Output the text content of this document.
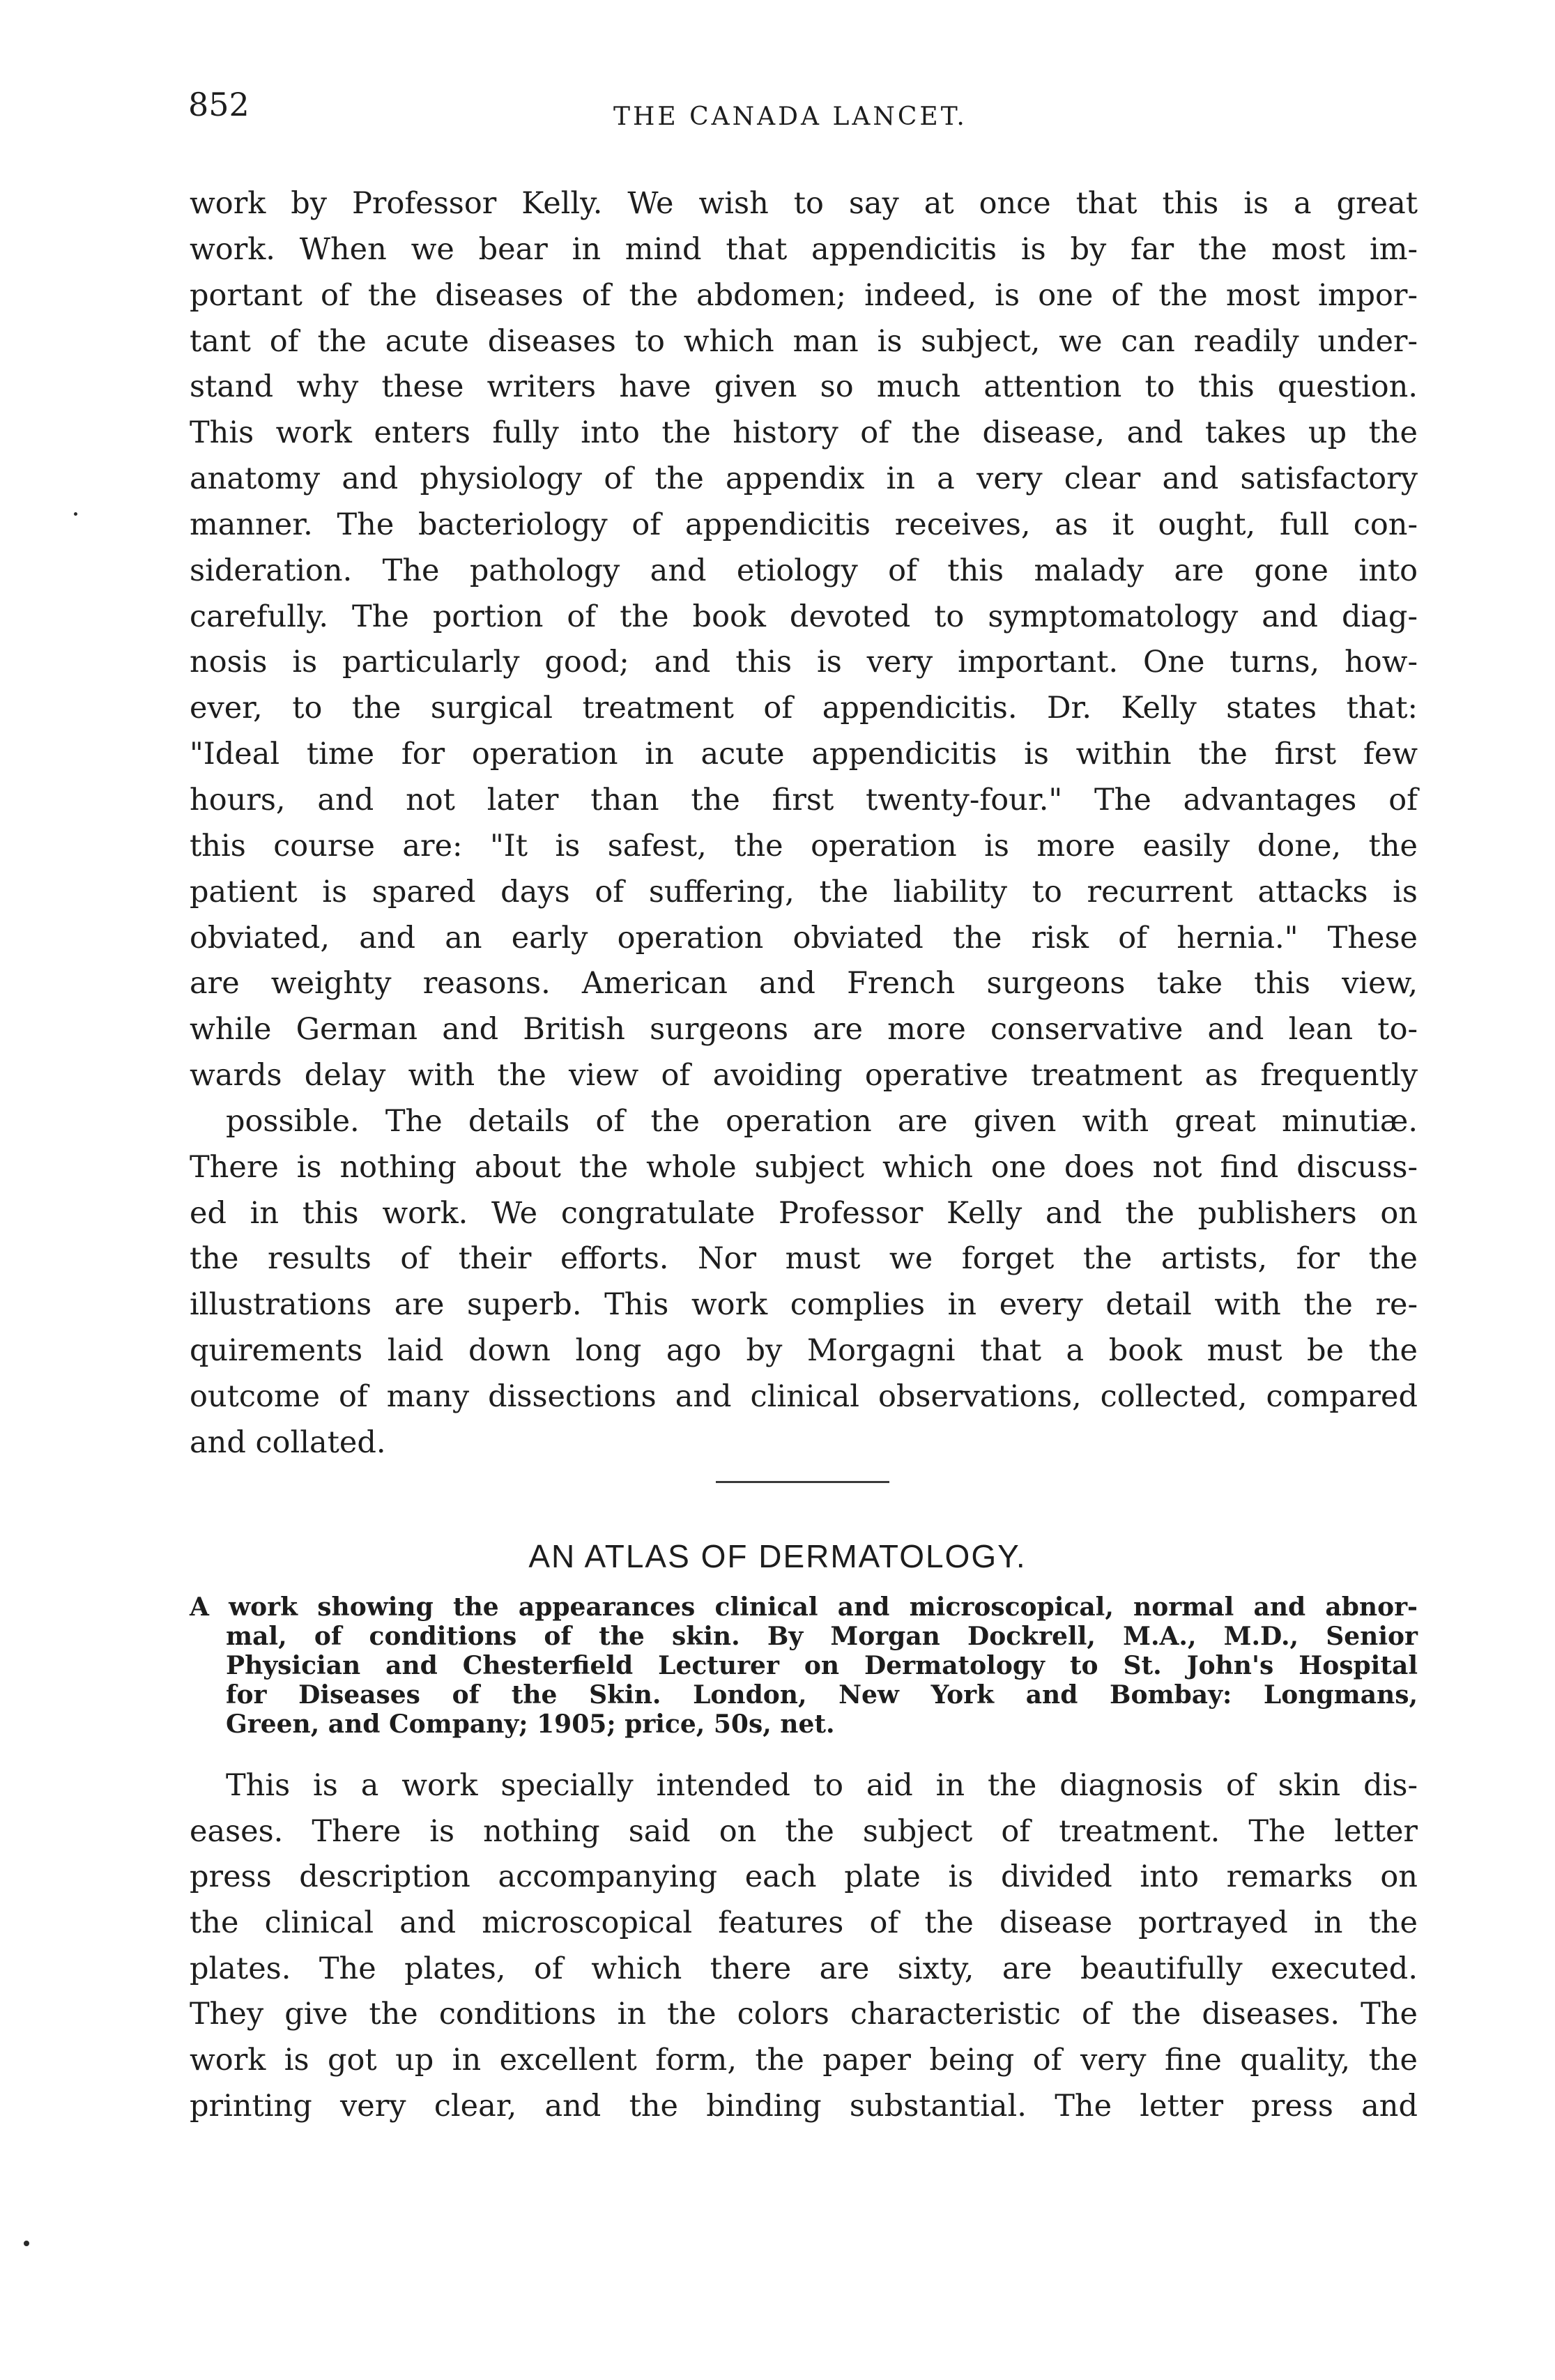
852	THE CANADA LANCET.
work by Professor Kelly. We wish to say at once that this is a great
work. When we bear in mind that appendicitis is by far the most im-
portant of the diseases of the abdomen; indeed, is one of the most impor-
tant of the acute diseases to which man is subject, we can readily under-
stand why these writers have given so much attention to this question.
This work enters fully into the history of the disease, and takes up the
anatomy and physiology of the appendix in a very clear and satisfactory
manner. The bacteriology of appendicitis receives, as it ought, full con-
sideration. The pathology and etiology of this malady are gone into
carefully. The portion of the book devoted to symptomatology and diag-
nosis is particularly good; and this is very important. One turns, how-
ever, to the surgical treatment of appendicitis. Dr. Kelly states that:
"Ideal time for operation in acute appendicitis is within the first few
hours, and not later than the first twenty-four." The advantages of
this course are: "It is safest, the operation is more easily done, the
patient is spared days of suffering, the liability to recurrent attacks is
obviated, and an early operation obviated the risk of hernia." These
are weighty reasons. American and French surgeons take this view,
while German and British surgeons are more conservative and lean to-
wards delay with the view of avoiding operative treatment as frequently
possible. The details of the operation are given with great minutiæ.
There is nothing about the whole subject which one does not find discuss-
ed in this work. We congratulate Professor Kelly and the publishers on
the results of their efforts. Nor must we forget the artists, for the
illustrations are superb. This work complies in every detail with the re-
quirements laid down long ago by Morgagni that a book must be the
outcome of many dissections and clinical observations, collected, compared
and collated.
AN ATLAS OF DERMATOLOGY.
A work showing the appearances clinical and microscopical, normal and abnor-
mal, of conditions of the skin. By Morgan Dockrell, M.A., M.D., Senior
Physician and Chesterfield Lecturer on Dermatology to St. John's Hospital
for Diseases of the Skin. London, New York and Bombay: Longmans,
Green, and Company; 1905; price, 50s, net.
This is a work specially intended to aid in the diagnosis of skin dis-
eases. There is nothing said on the subject of treatment. The letter
press description accompanying each plate is divided into remarks on
the clinical and microscopical features of the disease portrayed in the
plates. The plates, of which there are sixty, are beautifully executed.
They give the conditions in the colors characteristic of the diseases. The
work is got up in excellent form, the paper being of very fine quality, the
printing very clear, and the binding substantial. The letter press and
